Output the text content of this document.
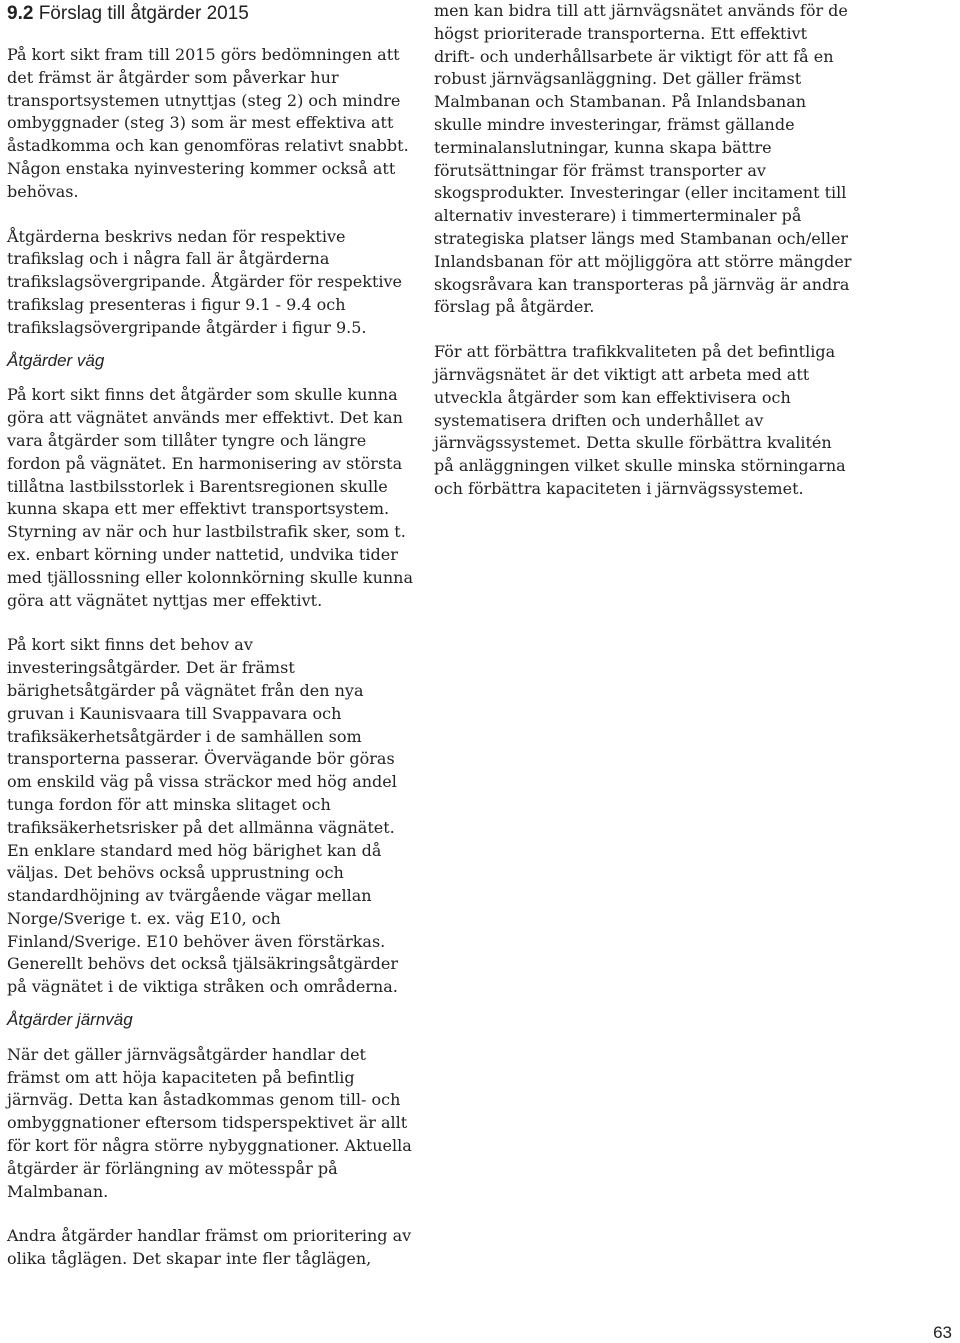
9.2 Förslag till åtgärder 2015

På kort sikt fram till 2015 görs bedömningen att det främst är åtgärder som påverkar hur transportsystemen utnyttjas (steg 2) och mindre ombyggnader (steg 3) som är mest effektiva att åstadkomma och kan genomföras relativt snabbt. Någon enstaka nyinvestering kommer också att behövas.

Åtgärderna beskrivs nedan för respektive trafikslag och i några fall är åtgärderna trafikslagsövergripande. Åtgärder för respektive trafikslag presenteras i figur 9.1 - 9.4 och trafikslagsövergripande åtgärder i figur 9.5.

Åtgärder väg

På kort sikt finns det åtgärder som skulle kunna göra att vägnätet används mer effektivt. Det kan vara åtgärder som tillåter tyngre och längre fordon på vägnätet. En harmonisering av största tillåtna lastbilsstorlek i Barentsregionen skulle kunna skapa ett mer effektivt transportsystem. Styrning av när och hur lastbilstrafik sker, som t. ex. enbart körning under nattetid, undvika tider med tjällossning eller kolonnkörning skulle kunna göra att vägnätet nyttjas mer effektivt.

På kort sikt finns det behov av investeringsåtgärder. Det är främst bärighetsåtgärder på vägnätet från den nya gruvan i Kaunisvaara till Svappavara och trafiksäkerhetsåtgärder i de samhällen som transporterna passerar. Övervägande bör göras om enskild väg på vissa sträckor med hög andel tunga fordon för att minska slitaget och trafiksäkerhetsrisker på det allmänna vägnätet. En enklare standard med hög bärighet kan då väljas. Det behövs också upprustning och standardhöjning av tvärgående vägar mellan Norge/Sverige t. ex. väg E10, och Finland/Sverige. E10 behöver även förstärkas. Generellt behövs det också tjälsäkringsåtgärder på vägnätet i de viktiga stråken och områderna.

Åtgärder järnväg

När det gäller järnvägsåtgärder handlar det främst om att höja kapaciteten på befintlig järnväg. Detta kan åstadkommas genom till- och ombyggnationer eftersom tidsperspektivet är allt för kort för några större nybyggnationer. Aktuella åtgärder är förlängning av mötesspår på Malmbanan.

Andra åtgärder handlar främst om prioritering av olika tåglägen. Det skapar inte fler tåglägen,

men kan bidra till att järnvägsnätet används för de högst prioriterade transporterna. Ett effektivt drift- och underhållsarbete är viktigt för att få en robust järnvägsanläggning. Det gäller främst Malmbanan och Stambanan. På Inlandsbanan skulle mindre investeringar, främst gällande terminalanslutningar, kunna skapa bättre förutsättningar för främst transporter av skogsprodukter. Investeringar (eller incitament till alternativ investerare) i timmerterminaler på strategiska platser längs med Stambanan och/eller Inlandsbanan för att möjliggöra att större mängder skogsråvara kan transporteras på järnväg är andra förslag på åtgärder.

För att förbättra trafikkvaliteten på det befintliga järnvägsnätet är det viktigt att arbeta med att utveckla åtgärder som kan effektivisera och systematisera driften och underhållet av järnvägssystemet. Detta skulle förbättra kvalitén på anläggningen vilket skulle minska störningarna och förbättra kapaciteten i järnvägssystemet.

63
